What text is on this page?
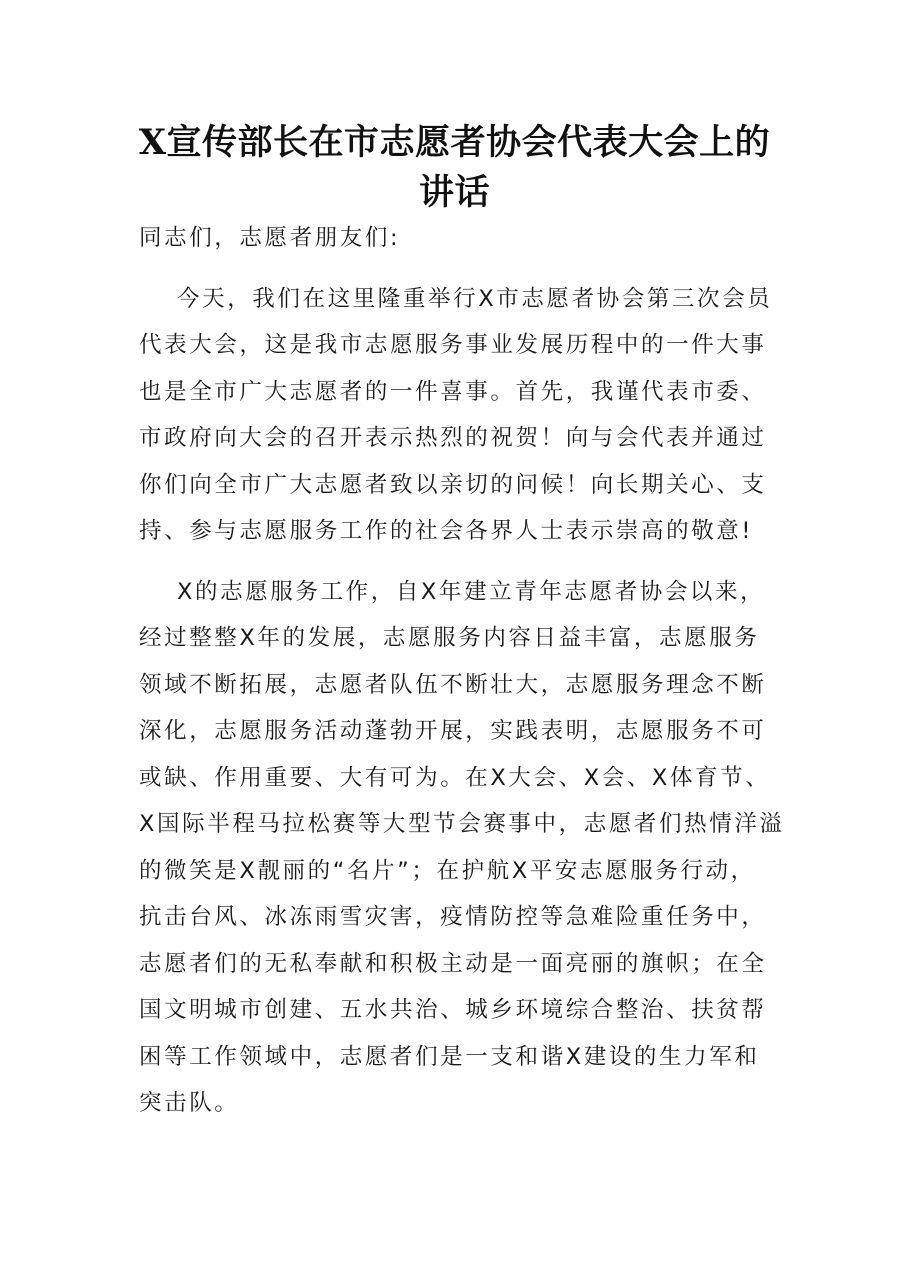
X宣传部长在市志愿者协会代表大会上的
讲话
同志们，志愿者朋友们:
今天，我们在这里隆重举行X市志愿者协会第三次会员
代表大会，这是我市志愿服务事业发展历程中的一件大事
也是全市广大志愿者的一件喜事。首先，我谨代表市委、
市政府向大会的召开表示热烈的祝贺！向与会代表并通过
你们向全市广大志愿者致以亲切的问候！向长期关心、支
持、参与志愿服务工作的社会各界人士表示崇高的敬意!
X的志愿服务工作，自X年建立青年志愿者协会以来，
经过整整X年的发展，志愿服务内容日益丰富，志愿服务
领域不断拓展，志愿者队伍不断壮大，志愿服务理念不断
深化，志愿服务活动蓬勃开展，实践表明，志愿服务不可
或缺、作用重要、大有可为。在X大会、X会、X体育节、
X国际半程马拉松赛等大型节会赛事中，志愿者们热情洋溢
的微笑是X靓丽的“名片”；在护航X平安志愿服务行动，
抗击台风、冰冻雨雪灾害，疫情防控等急难险重任务中，
志愿者们的无私奉献和积极主动是一面亮丽的旗帜；在全
国文明城市创建、五水共治、城乡环境综合整治、扶贫帮
困等工作领域中，志愿者们是一支和谐X建设的生力军和
突击队。
